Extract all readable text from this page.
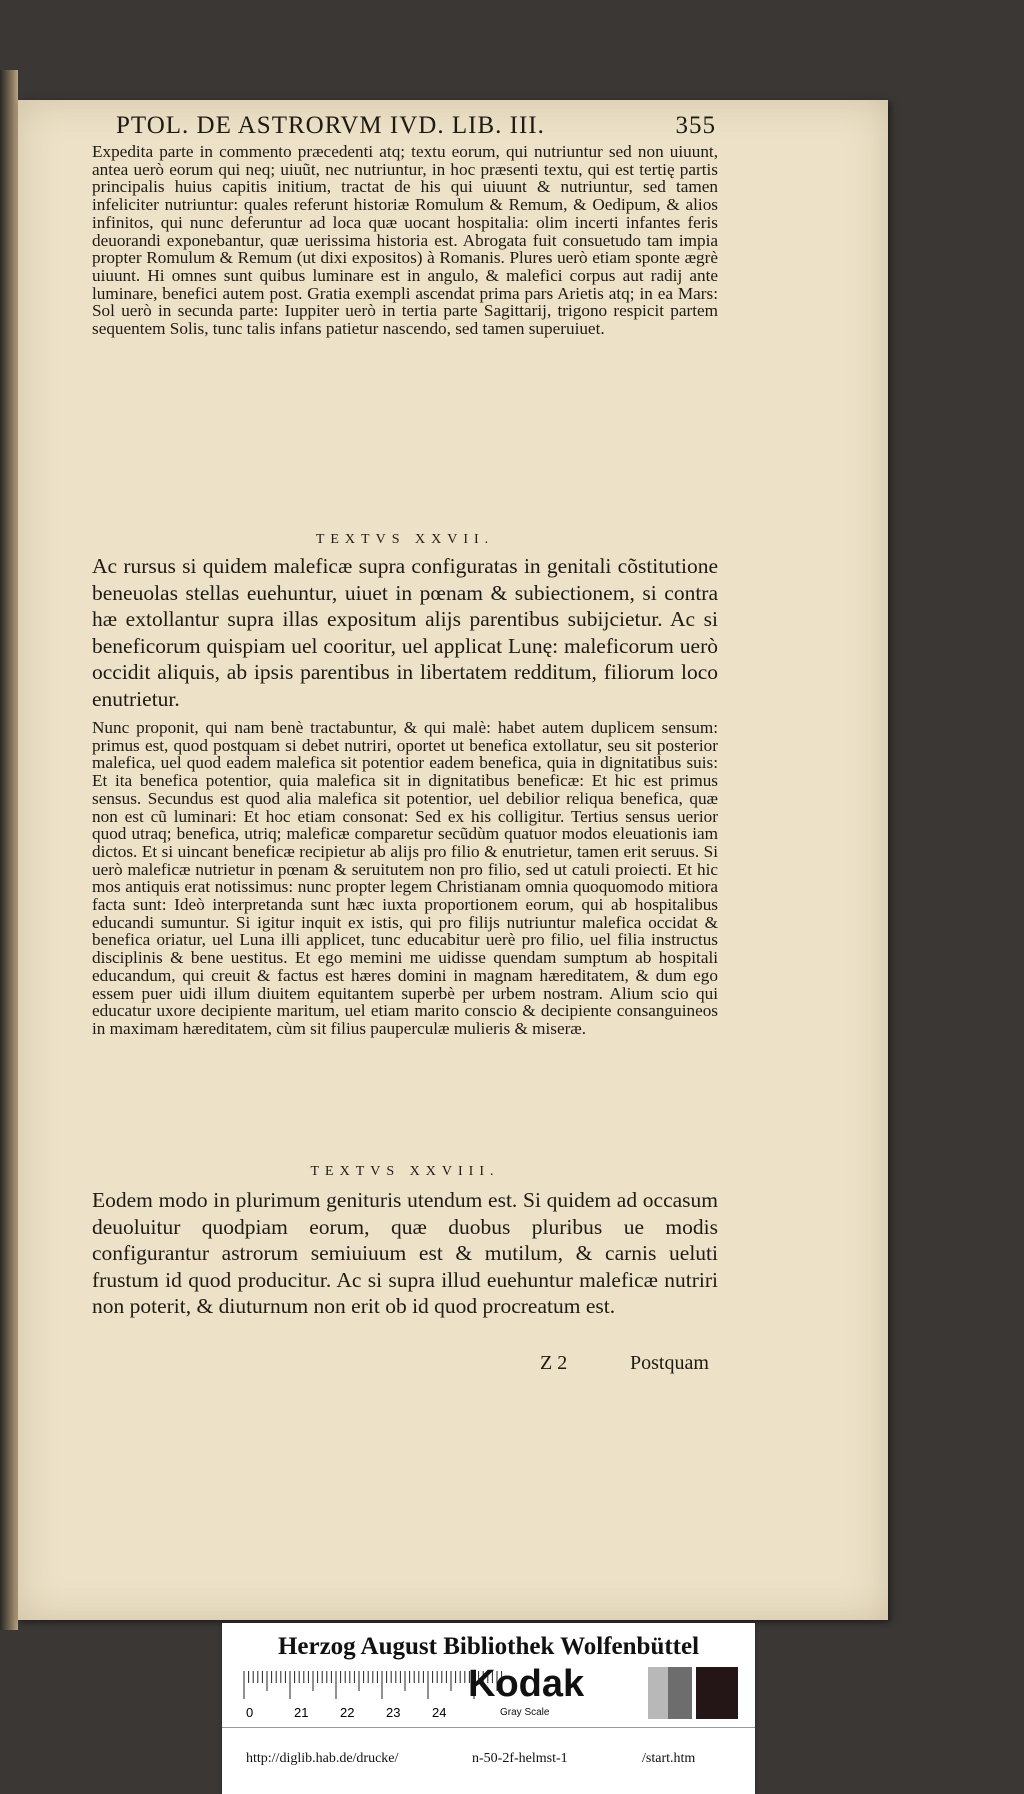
PTOL. DE ASTRORVM IVD. LIB. III.	355
Expedita parte in commento præcedenti atq; textu eorum, qui nutriuntur sed non uiuunt, antea uerò eorum qui neq; uiuũt, nec nutriuntur, in hoc præsenti textu, qui est tertię partis principalis huius capitis initium, tractat de his qui uiuunt & nutriuntur, sed tamen infeliciter nutriuntur: quales referunt historiæ Romulum & Remum, & Oedipum, & alios infinitos, qui nunc deferuntur ad loca quæ uocant hospitalia: olim incerti infantes feris deuorandi exponebantur, quæ uerissima historia est. Abrogata fuit consuetudo tam impia propter Romulum & Remum (ut dixi expositos) à Romanis. Plures uerò etiam sponte ægrè uiuunt. Hi omnes sunt quibus luminare est in angulo, & malefici corpus aut radij ante luminare, benefici autem post. Gratia exempli ascendat prima pars Arietis atq; in ea Mars: Sol uerò in secunda parte: Iuppiter uerò in tertia parte Sagittarij, trigono respicit partem sequentem Solis, tunc talis infans patietur nascendo, sed tamen superuiuet.
TEXTVS XXVII.
Ac rursus si quidem maleficæ supra configuratas in genitali cõstitutione beneuolas stellas euehuntur, uiuet in pœnam & subiectionem, si contra hæ extollantur supra illas expositum alijs parentibus subijcietur. Ac si beneficorum quispiam uel cooritur, uel applicat Lunę: maleficorum uerò occidit aliquis, ab ipsis parentibus in libertatem redditum, filiorum loco enutrietur.
Nunc proponit, qui nam benè tractabuntur, & qui malè: habet autem duplicem sensum: primus est, quod postquam si debet nutriri, oportet ut benefica extollatur, seu sit posterior malefica, uel quod eadem malefica sit potentior eadem benefica, quia in dignitatibus suis: Et ita benefica potentior, quia malefica sit in dignitatibus beneficæ: Et hic est primus sensus. Secundus est quod alia malefica sit potentior, uel debilior reliqua benefica, quæ non est cũ luminari: Et hoc etiam consonat: Sed ex his colligitur. Tertius sensus uerior quod utraq; benefica, utriq; maleficæ comparetur secũdùm quatuor modos eleuationis iam dictos. Et si uincant beneficæ recipietur ab alijs pro filio & enutrietur, tamen erit seruus. Si uerò maleficæ nutrietur in pœnam & seruitutem non pro filio, sed ut catuli proiecti. Et hic mos antiquis erat notissimus: nunc propter legem Christianam omnia quoquomodo mitiora facta sunt: Ideò interpretanda sunt hæc iuxta proportionem eorum, qui ab hospitalibus educandi sumuntur. Si igitur inquit ex istis, qui pro filijs nutriuntur malefica occidat & benefica oriatur, uel Luna illi applicet, tunc educabitur uerè pro filio, uel filia instructus disciplinis & bene uestitus. Et ego memini me uidisse quendam sumptum ab hospitali educandum, qui creuit & factus est hæres domini in magnam hæreditatem, & dum ego essem puer uidi illum diuitem equitantem superbè per urbem nostram. Alium scio qui educatur uxore decipiente maritum, uel etiam marito conscio & decipiente consanguineos in maximam hæreditatem, cùm sit filius pauperculæ mulieris & miseræ.
TEXTVS XXVIII.
Eodem modo in plurimum genituris utendum est. Si quidem ad occasum deuoluitur quodpiam eorum, quæ duobus pluribus ue modis configurantur astrorum semiuiuum est & mutilum, & carnis ueluti frustum id quod producitur. Ac si supra illud euehuntur maleficæ nutriri non poterit, & diuturnum non erit ob id quod procreatum est.
Z 2	Postquam
Herzog August Bibliothek Wolfenbüttel
0	21 22 23 24
Kodak
Gray Scale
http://diglib.hab.de/drucke/	n-50-2f-helmst-1	/start.htm
